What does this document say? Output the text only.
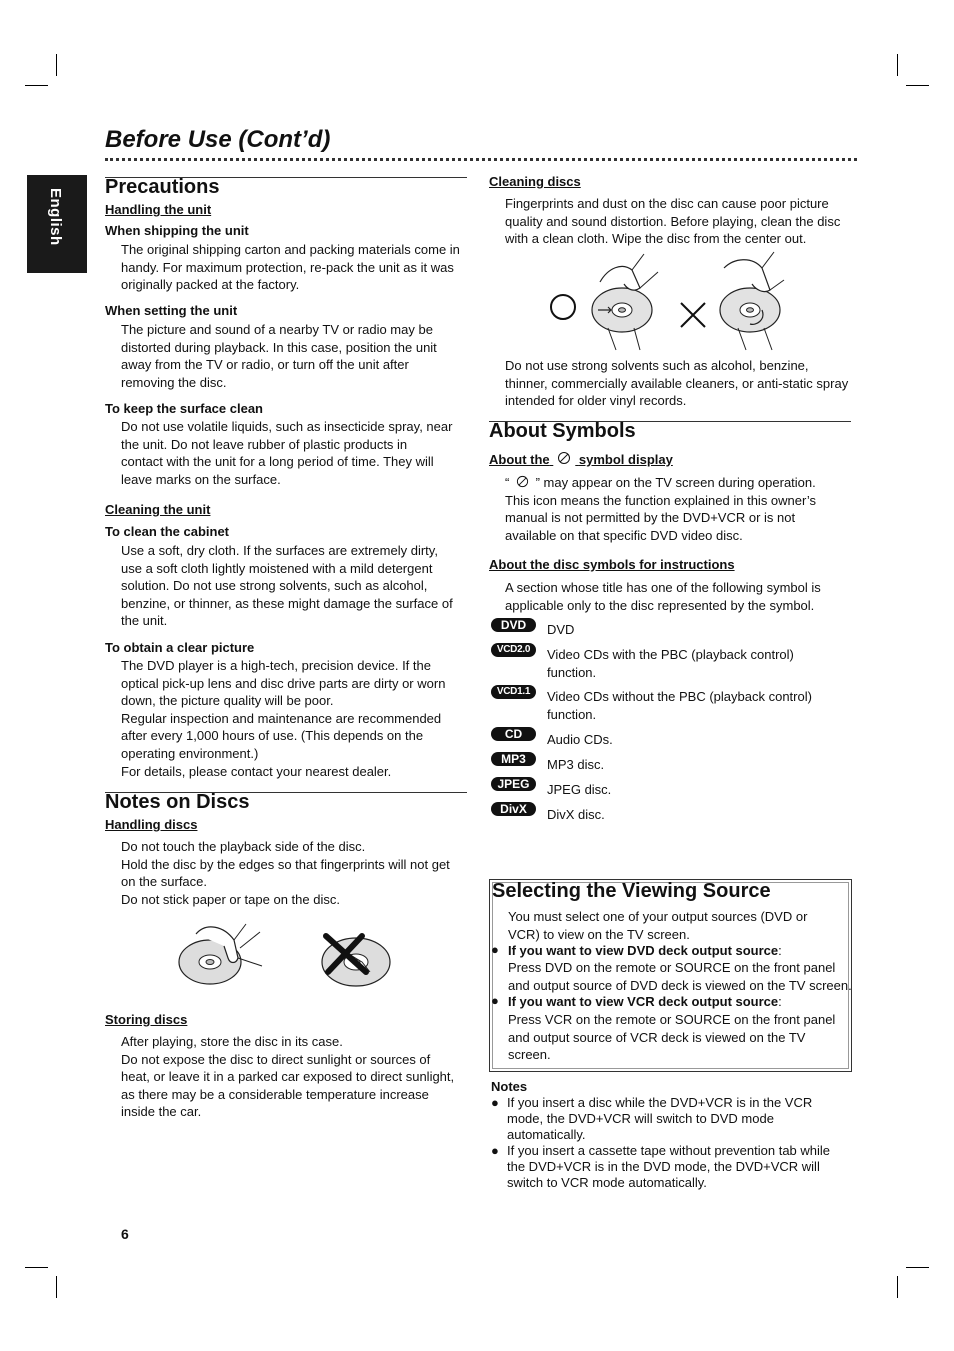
Before Use (Cont’d)
English
Precautions
Handling the unit
When shipping the unit
The original shipping carton and packing materials come in
handy. For maximum protection, re-pack the unit as it was
originally packed at the factory.
When setting the unit
The picture and sound of a nearby TV or radio may be
distorted during playback. In this case, position the unit
away from the TV or radio, or turn off the unit after
removing the disc.
To keep the surface clean
Do not use volatile liquids, such as insecticide spray, near
the unit. Do not leave rubber of plastic products in
contact with the unit for a long period of time. They will
leave marks on the surface.
Cleaning the unit
To clean the cabinet
Use a soft, dry cloth. If the surfaces are extremely dirty,
use a soft cloth lightly moistened with a mild detergent
solution. Do not use strong solvents, such as alcohol,
benzine, or thinner, as these might damage the surface of
the unit.
To obtain a clear picture
The DVD player is a high-tech, precision device. If the
optical pick-up lens and disc drive parts are dirty or worn
down, the picture quality will be poor.
Regular inspection and maintenance are recommended
after every 1,000 hours of use. (This depends on the
operating environment.)
For details, please contact your nearest dealer.
Notes on Discs
Handling discs
Do not touch the playback side of the disc.
Hold the disc by the edges so that fingerprints will not get
on the surface.
Do not stick paper or tape on the disc.
Storing discs
After playing, store the disc in its case.
Do not expose the disc to direct sunlight or sources of
heat, or leave it in a parked car exposed to direct sunlight,
as there may be a considerable temperature increase
inside the car.
6
Cleaning discs
Fingerprints and dust on the disc can cause poor picture
quality and sound distortion. Before playing, clean the disc
with a clean cloth. Wipe the disc from the center out.
Do not use strong solvents such as alcohol, benzine,
thinner, commercially available cleaners, or anti-static spray
intended for older vinyl records.
About Symbols
About the symbol display
“ ” may appear on the TV screen during operation.
This icon means the function explained in this owner’s
manual is not permitted by the DVD+VCR or is not
available on that specific DVD video disc.
About the disc symbols for instructions
A section whose title has one of the following symbol is
applicable only to the disc represented by the symbol.
DVD	DVD
VCD2.0	Video CDs with the PBC (playback control)
function.
VCD1.1	Video CDs without the PBC (playback control)
function.
CD	Audio CDs.
MP3	MP3 disc.
JPEG	JPEG disc.
DivX	DivX disc.
Selecting the Viewing Source
You must select one of your output sources (DVD or
VCR) to view on the TV screen.
● If you want to view DVD deck output source:
Press DVD on the remote or SOURCE on the front panel
and output source of DVD deck is viewed on the TV screen.
● If you want to view VCR deck output source:
Press VCR on the remote or SOURCE on the front panel
and output source of VCR deck is viewed on the TV
screen.
Notes
● If you insert a disc while the DVD+VCR is in the VCR
mode, the DVD+VCR will switch to DVD mode
automatically.
● If you insert a cassette tape without prevention tab while
the DVD+VCR is in the DVD mode, the DVD+VCR will
switch to VCR mode automatically.
